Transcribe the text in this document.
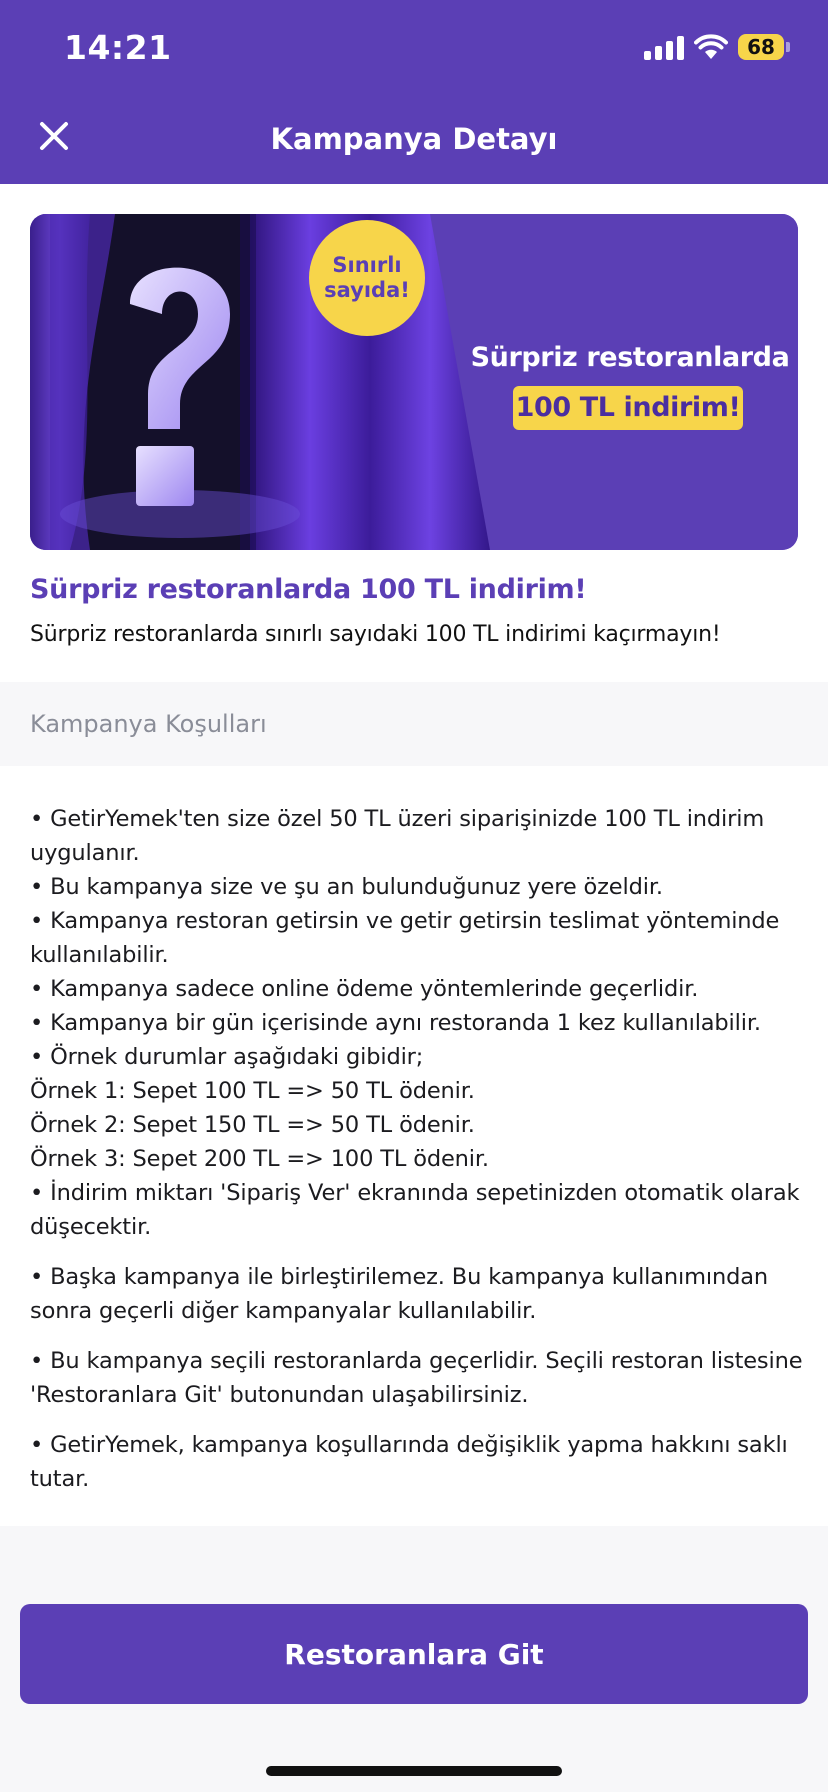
14:21	68
Kampanya Detayı
Sınırlı
sayıda!
Sürpriz restoranlarda
100 TL indirim!
Sürpriz restoranlarda 100 TL indirim!
Sürpriz restoranlarda sınırlı sayıdaki 100 TL indirimi kaçırmayın!
Kampanya Koşulları

• GetirYemek'ten size özel 50 TL üzeri siparişinizde 100 TL indirim uygulanır.

• Bu kampanya size ve şu an bulunduğunuz yere özeldir.

• Kampanya restoran getirsin ve getir getirsin teslimat yönteminde kullanılabilir.

• Kampanya sadece online ödeme yöntemlerinde geçerlidir.

• Kampanya bir gün içerisinde aynı restoranda 1 kez kullanılabilir.

• Örnek durumlar aşağıdaki gibidir;

Örnek 1: Sepet 100 TL => 50 TL ödenir.

Örnek 2: Sepet 150 TL => 50 TL ödenir.

Örnek 3: Sepet 200 TL => 100 TL ödenir.

• İndirim miktarı 'Sipariş Ver' ekranında sepetinizden otomatik olarak düşecektir.

• Başka kampanya ile birleştirilemez. Bu kampanya kullanımından sonra geçerli diğer kampanyalar kullanılabilir.

• Bu kampanya seçili restoranlarda geçerlidir. Seçili restoran listesine 'Restoranlara Git' butonundan ulaşabilirsiniz.

• GetirYemek, kampanya koşullarında değişiklik yapma hakkını saklı tutar.

Restoranlara Git
